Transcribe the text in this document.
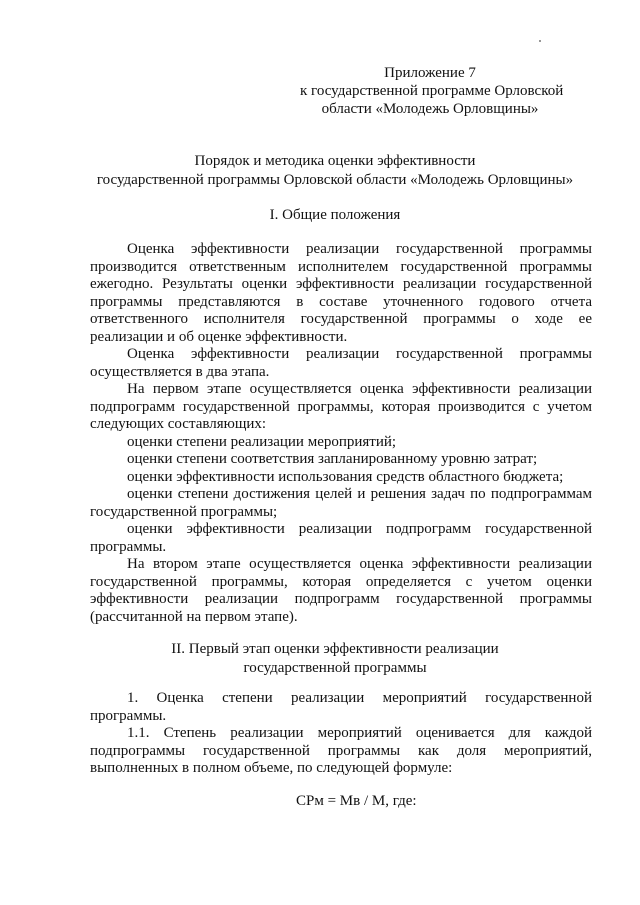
Приложение 7
к государственной программе Орловской
области «Молодежь Орловщины»
Порядок и методика оценки эффективности
государственной программы Орловской области «Молодежь Орловщины»
I. Общие положения

Оценка эффективности реализации государственной программы производится ответственным исполнителем государственной программы ежегодно. Результаты оценки эффективности реализации государственной программы представляются в составе уточненного годового отчета ответственного исполнителя государственной программы о ходе ее реализации и об оценке эффективности.

Оценка эффективности реализации государственной программы осуществляется в два этапа.

На первом этапе осуществляется оценка эффективности реализации подпрограмм государственной программы, которая производится с учетом следующих составляющих:

оценки степени реализации мероприятий;

оценки степени соответствия запланированному уровню затрат;

оценки эффективности использования средств областного бюджета;

оценки степени достижения целей и решения задач по подпрограммам государственной программы;

оценки эффективности реализации подпрограмм государственной программы.

На втором этапе осуществляется оценка эффективности реализации государственной программы, которая определяется с учетом оценки эффективности реализации подпрограмм государственной программы (рассчитанной на первом этапе).

II. Первый этап оценки эффективности реализации
государственной программы

1. Оценка степени реализации мероприятий государственной программы.

1.1. Степень реализации мероприятий оценивается для каждой подпрограммы государственной программы как доля мероприятий, выполненных в полном объеме, по следующей формуле:

СРм = Мв / М, где:
